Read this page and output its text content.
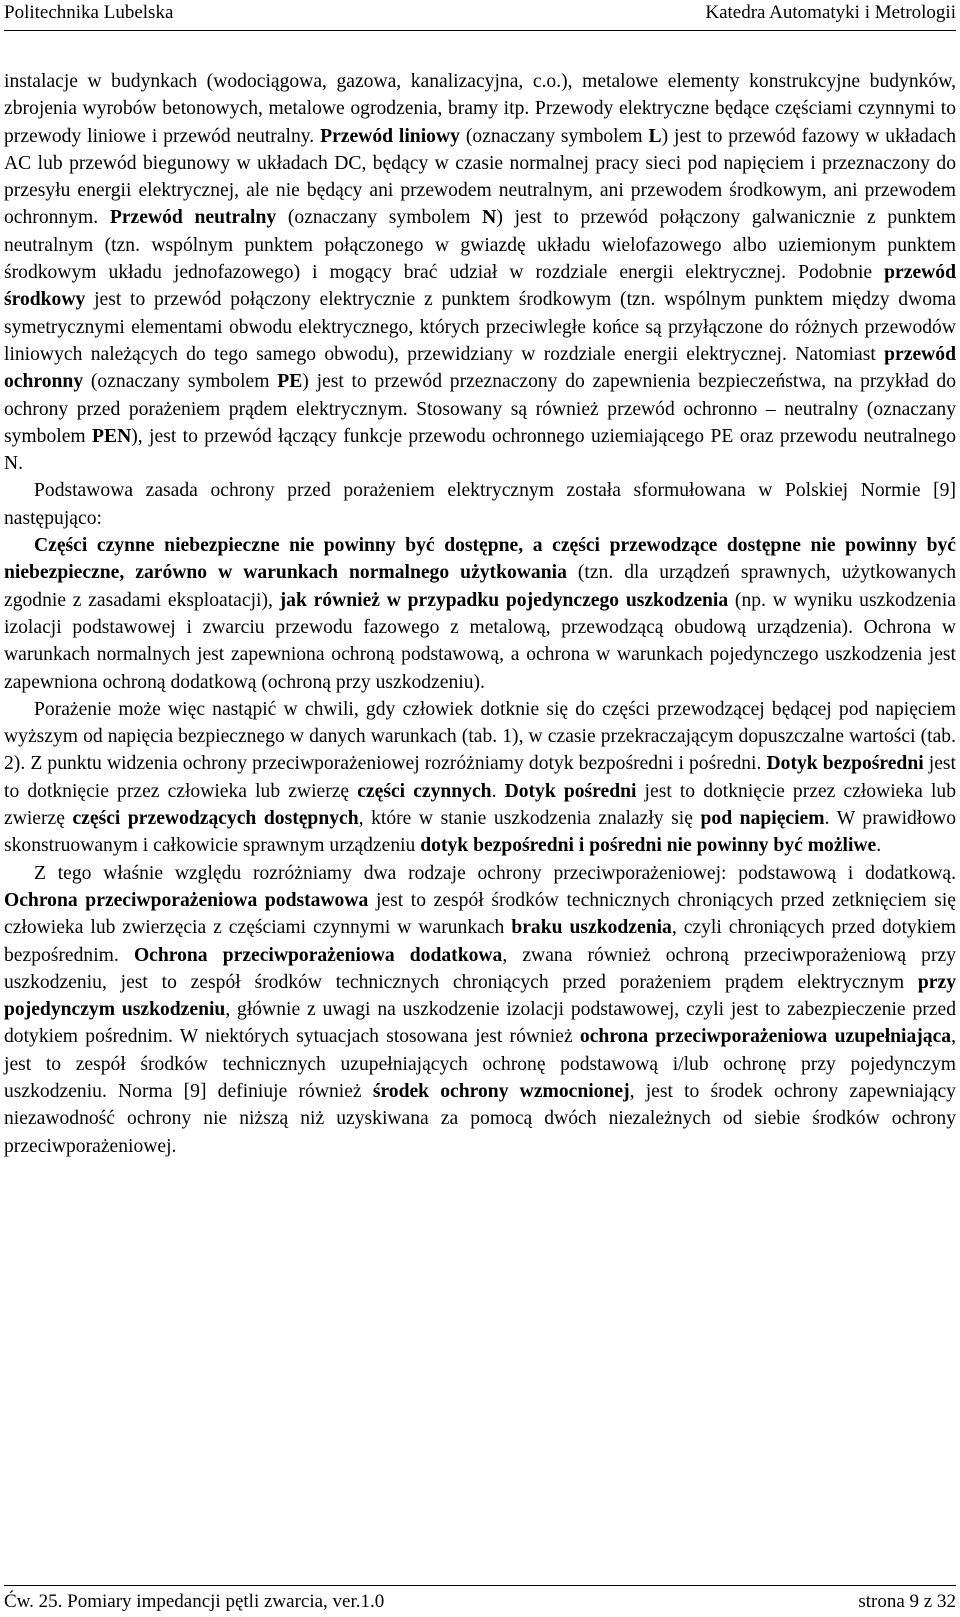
Politechnika Lubelska	Katedra Automatyki i Metrologii

instalacje w budynkach (wodociągowa, gazowa, kanalizacyjna, c.o.), metalowe elementy konstrukcyjne budynków, zbrojenia wyrobów betonowych, metalowe ogrodzenia, bramy itp. Przewody elektryczne będące częściami czynnymi to przewody liniowe i przewód neutralny. Przewód liniowy (oznaczany symbolem L) jest to przewód fazowy w układach AC lub przewód biegunowy w układach DC, będący w czasie normalnej pracy sieci pod napięciem i przeznaczony do przesyłu energii elektrycznej, ale nie będący ani przewodem neutralnym, ani przewodem środkowym, ani przewodem ochronnym. Przewód neutralny (oznaczany symbolem N) jest to przewód połączony galwanicznie z punktem neutralnym (tzn. wspólnym punktem połączonego w gwiazdę układu wielofazowego albo uziemionym punktem środkowym układu jednofazowego) i mogący brać udział w rozdziale energii elektrycznej. Podobnie przewód środkowy jest to przewód połączony elektrycznie z punktem środkowym (tzn. wspólnym punktem między dwoma symetrycznymi elementami obwodu elektrycznego, których przeciwległe końce są przyłączone do różnych przewodów liniowych należących do tego samego obwodu), przewidziany w rozdziale energii elektrycznej. Natomiast przewód ochronny (oznaczany symbolem PE) jest to przewód przeznaczony do zapewnienia bezpieczeństwa, na przykład do ochrony przed porażeniem prądem elektrycznym. Stosowany są również przewód ochronno – neutralny (oznaczany symbolem PEN), jest to przewód łączący funkcje przewodu ochronnego uziemiającego PE oraz przewodu neutralnego N.

Podstawowa zasada ochrony przed porażeniem elektrycznym została sformułowana w Polskiej Normie [9] następująco:

Części czynne niebezpieczne nie powinny być dostępne, a części przewodzące dostępne nie powinny być niebezpieczne, zarówno w warunkach normalnego użytkowania (tzn. dla urządzeń sprawnych, użytkowanych zgodnie z zasadami eksploatacji), jak również w przypadku pojedynczego uszkodzenia (np. w wyniku uszkodzenia izolacji podstawowej i zwarciu przewodu fazowego z metalową, przewodzącą obudową urządzenia). Ochrona w warunkach normalnych jest zapewniona ochroną podstawową, a ochrona w warunkach pojedynczego uszkodzenia jest zapewniona ochroną dodatkową (ochroną przy uszkodzeniu).

Porażenie może więc nastąpić w chwili, gdy człowiek dotknie się do części przewodzącej będącej pod napięciem wyższym od napięcia bezpiecznego w danych warunkach (tab. 1), w czasie przekraczającym dopuszczalne wartości (tab. 2). Z punktu widzenia ochrony przeciwporażeniowej rozróżniamy dotyk bezpośredni i pośredni. Dotyk bezpośredni jest to dotknięcie przez człowieka lub zwierzę części czynnych. Dotyk pośredni jest to dotknięcie przez człowieka lub zwierzę części przewodzących dostępnych, które w stanie uszkodzenia znalazły się pod napięciem. W prawidłowo skonstruowanym i całkowicie sprawnym urządzeniu dotyk bezpośredni i pośredni nie powinny być możliwe.

Z tego właśnie względu rozróżniamy dwa rodzaje ochrony przeciwporażeniowej: podstawową i dodatkową. Ochrona przeciwporażeniowa podstawowa jest to zespół środków technicznych chroniących przed zetknięciem się człowieka lub zwierzęcia z częściami czynnymi w warunkach braku uszkodzenia, czyli chroniących przed dotykiem bezpośrednim. Ochrona przeciwporażeniowa dodatkowa, zwana również ochroną przeciwporażeniową przy uszkodzeniu, jest to zespół środków technicznych chroniących przed porażeniem prądem elektrycznym przy pojedynczym uszkodzeniu, głównie z uwagi na uszkodzenie izolacji podstawowej, czyli jest to zabezpieczenie przed dotykiem pośrednim. W niektórych sytuacjach stosowana jest również ochrona przeciwporażeniowa uzupełniająca, jest to zespół środków technicznych uzupełniających ochronę podstawową i/lub ochronę przy pojedynczym uszkodzeniu. Norma [9] definiuje również środek ochrony wzmocnionej, jest to środek ochrony zapewniający niezawodność ochrony nie niższą niż uzyskiwana za pomocą dwóch niezależnych od siebie środków ochrony przeciwporażeniowej.

Ćw. 25. Pomiary impedancji pętli zwarcia, ver.1.0	strona 9 z 32
